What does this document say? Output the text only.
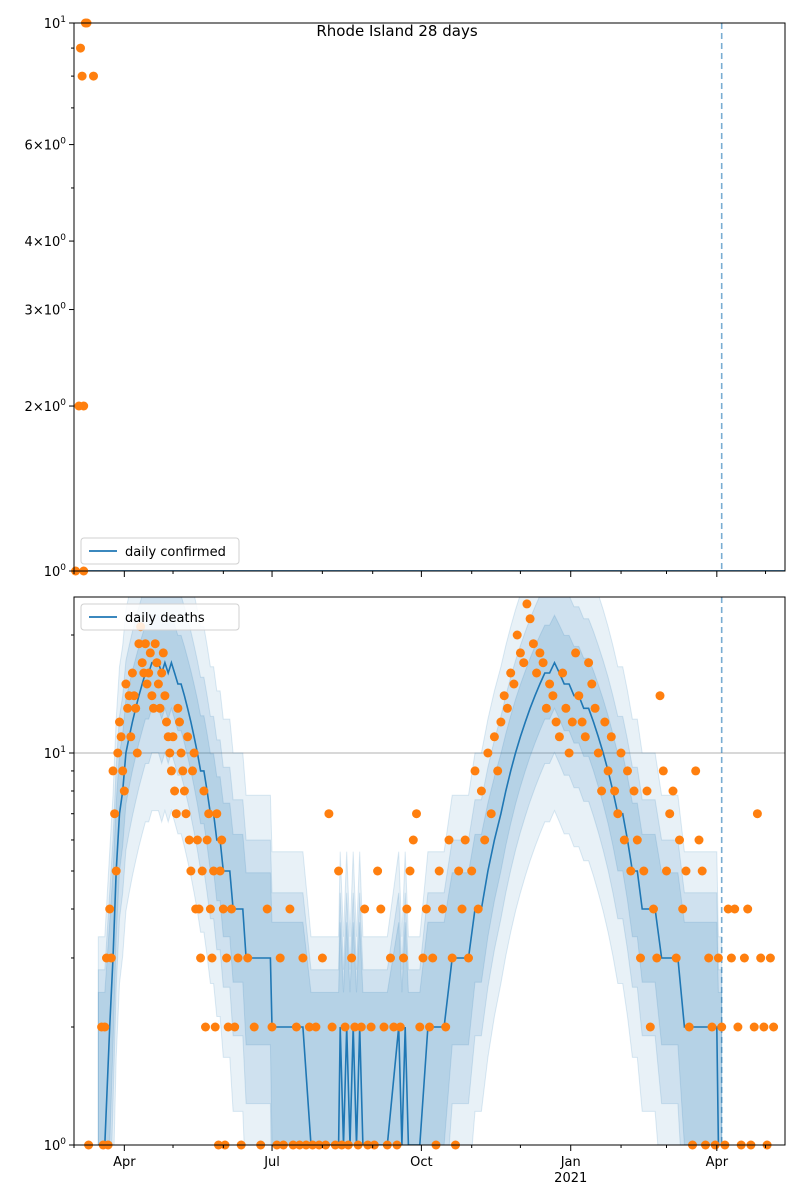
$10^0$
$2\times 10^0$
$3\times 10^0$
$4\times 10^0$
$6\times 10^0$
$10^1$
daily confirmed
$10^0$
$10^1$
Apr	Jul	Oct	Jan
2021
Apr
daily deaths
Rhode Island 28 days
